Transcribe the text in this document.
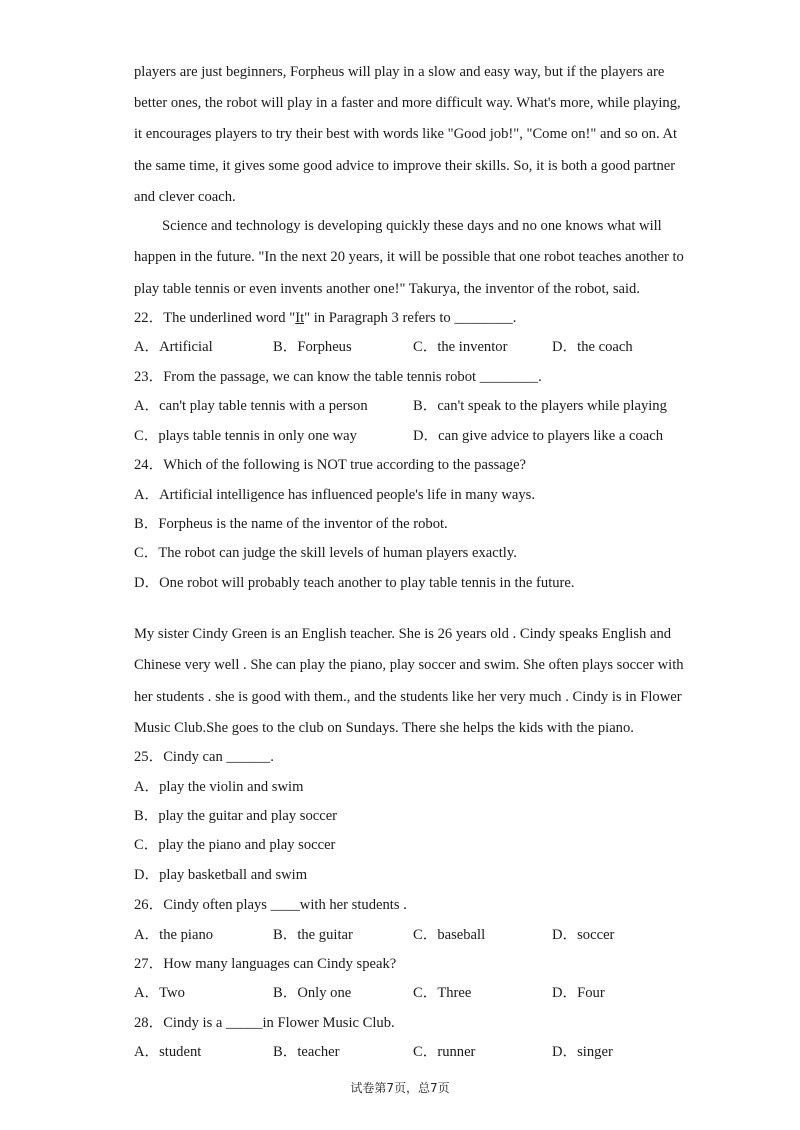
players are just beginners, Forpheus will play in a slow and easy way, but if the players are
better ones, the robot will play in a faster and more difficult way. What's more, while playing,
it encourages players to try their best with words like "Good job!", "Come on!" and so on. At
the same time, it gives some good advice to improve their skills. So, it is both a good partner
and clever coach.
Science and technology is developing quickly these days and no one knows what will
happen in the future. "In the next 20 years, it will be possible that one robot teaches another to
play table tennis or even invents another one!" Takurya, the inventor of the robot, said.
22．The underlined word "It" in Paragraph 3 refers to ________.
A．Artificial	B．Forpheus	C．the inventor	D．the coach
23．From the passage, we can know the table tennis robot ________.
A．can't play table tennis with a person	B．can't speak to the players while playing
C．plays table tennis in only one way	D．can give advice to players like a coach
24．Which of the following is NOT true according to the passage?
A．Artificial intelligence has influenced people's life in many ways.
B．Forpheus is the name of the inventor of the robot.
C．The robot can judge the skill levels of human players exactly.
D．One robot will probably teach another to play table tennis in the future.
My sister Cindy Green is an English teacher. She is 26 years old . Cindy speaks English and
Chinese very well . She can play the piano, play soccer and swim. She often plays soccer with
her students . she is good with them., and the students like her very much . Cindy is in Flower
Music Club.She goes to the club on Sundays. There she helps the kids with the piano.
25．Cindy can ______.
A．play the violin and swim
B．play the guitar and play soccer
C．play the piano and play soccer
D．play basketball and swim
26．Cindy often plays ____with her students .
A．the piano	B．the guitar	C．baseball	D．soccer
27．How many languages can Cindy speak?
A．Two	B．Only one	C．Three	D．Four
28．Cindy is a _____in Flower Music Club.
A．student	B．teacher	C．runner	D．singer
试卷第7页，总7页
